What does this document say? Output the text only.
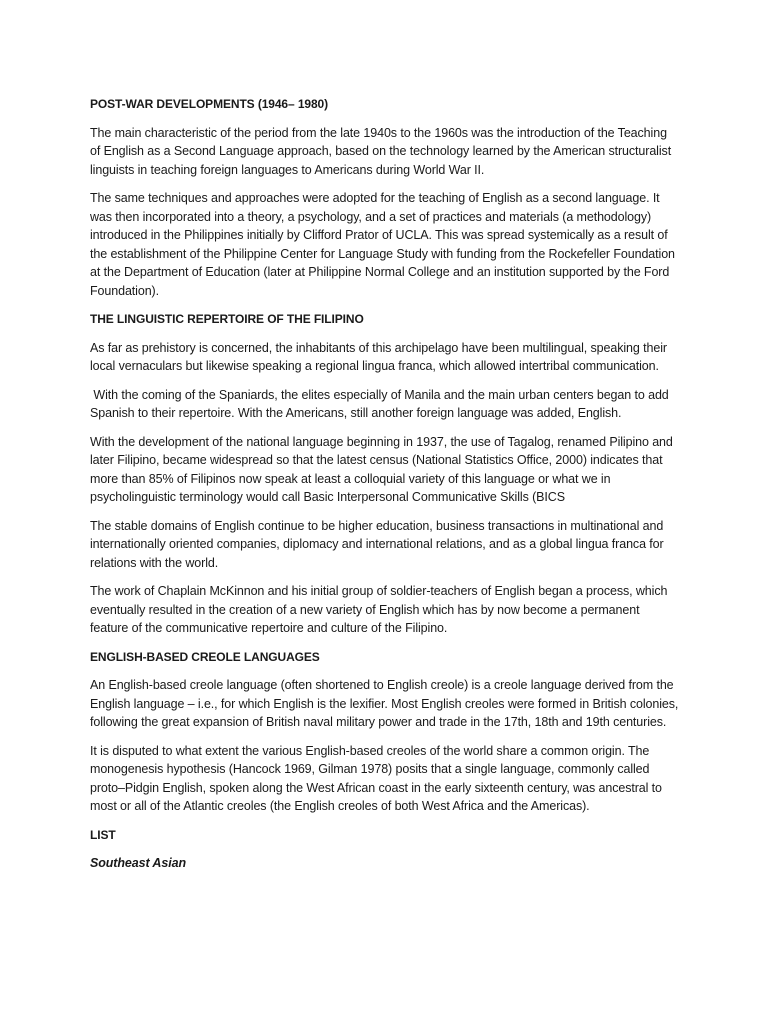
POST-WAR DEVELOPMENTS (1946– 1980)
The main characteristic of the period from the late 1940s to the 1960s was the introduction of the Teaching of English as a Second Language approach, based on the technology learned by the American structuralist linguists in teaching foreign languages to Americans during World War II.
The same techniques and approaches were adopted for the teaching of English as a second language. It was then incorporated into a theory, a psychology, and a set of practices and materials (a methodology) introduced in the Philippines initially by Clifford Prator of UCLA. This was spread systemically as a result of the establishment of the Philippine Center for Language Study with funding from the Rockefeller Foundation at the Department of Education (later at Philippine Normal College and an institution supported by the Ford Foundation).
THE LINGUISTIC REPERTOIRE OF THE FILIPINO
As far as prehistory is concerned, the inhabitants of this archipelago have been multilingual, speaking their local vernaculars but likewise speaking a regional lingua franca, which allowed intertribal communication.
With the coming of the Spaniards, the elites especially of Manila and the main urban centers began to add Spanish to their repertoire. With the Americans, still another foreign language was added, English.
With the development of the national language beginning in 1937, the use of Tagalog, renamed Pilipino and later Filipino, became widespread so that the latest census (National Statistics Office, 2000) indicates that more than 85% of Filipinos now speak at least a colloquial variety of this language or what we in psycholinguistic terminology would call Basic Interpersonal Communicative Skills (BICS
The stable domains of English continue to be higher education, business transactions in multinational and internationally oriented companies, diplomacy and international relations, and as a global lingua franca for relations with the world.
The work of Chaplain McKinnon and his initial group of soldier-teachers of English began a process, which eventually resulted in the creation of a new variety of English which has by now become a permanent feature of the communicative repertoire and culture of the Filipino.
ENGLISH-BASED CREOLE LANGUAGES
An English-based creole language (often shortened to English creole) is a creole language derived from the English language – i.e., for which English is the lexifier. Most English creoles were formed in British colonies, following the great expansion of British naval military power and trade in the 17th, 18th and 19th centuries.
It is disputed to what extent the various English-based creoles of the world share a common origin. The monogenesis hypothesis (Hancock 1969, Gilman 1978) posits that a single language, commonly called proto–Pidgin English, spoken along the West African coast in the early sixteenth century, was ancestral to most or all of the Atlantic creoles (the English creoles of both West Africa and the Americas).
LIST
Southeast Asian
